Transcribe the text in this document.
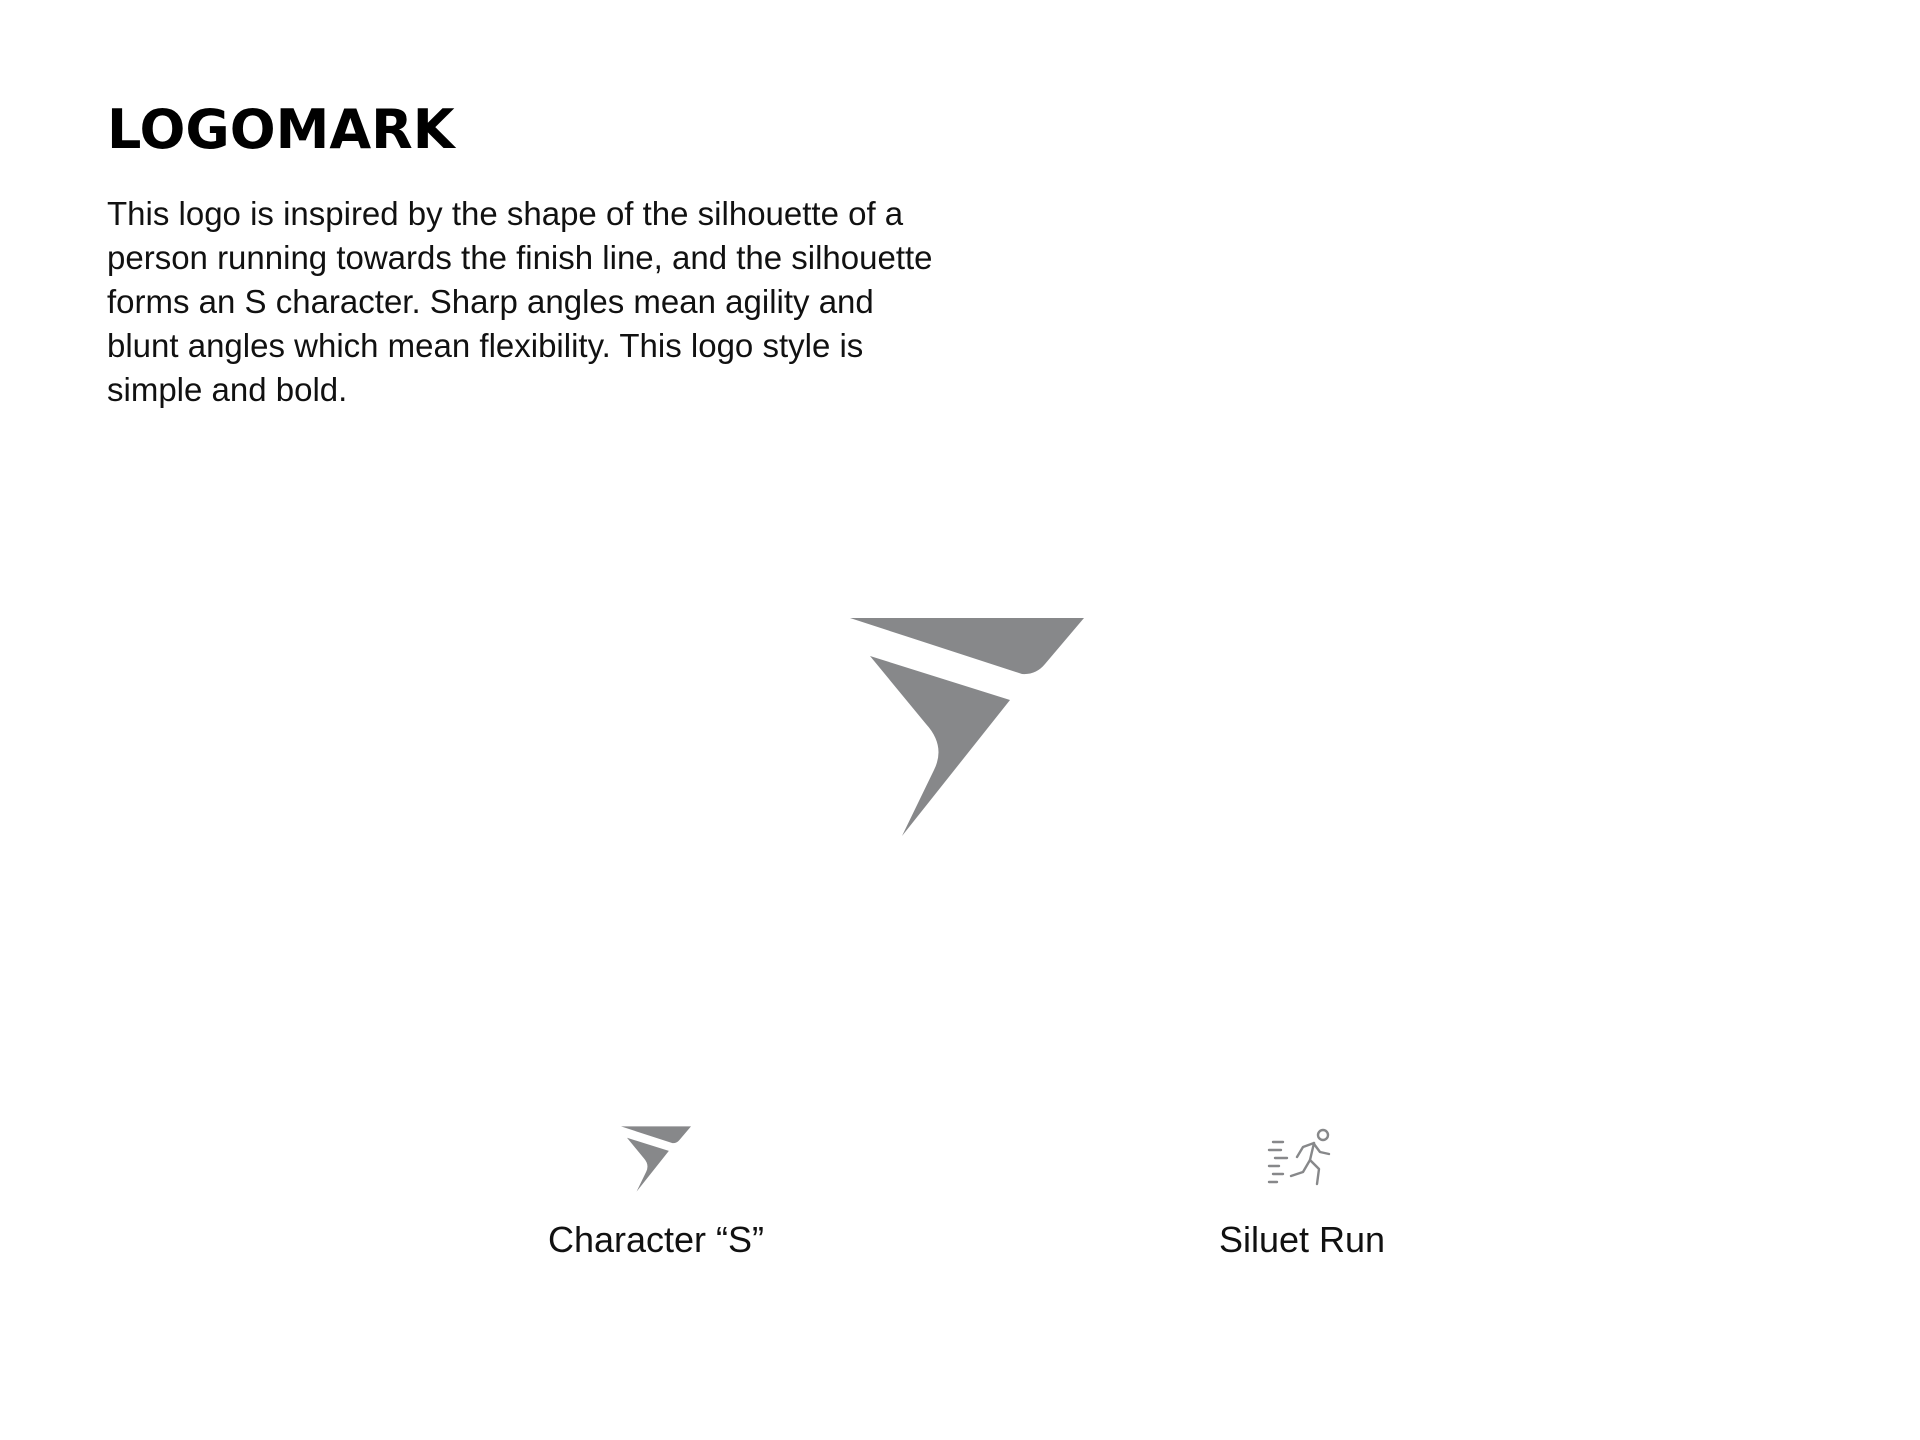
LOGOMARK

This logo is inspired by the shape of the silhouette of a person running towards the finish line, and the silhouette forms an S character. Sharp angles mean agility and blunt angles which mean flexibility. This logo style is simple and bold.

Character “S”	Siluet Run
